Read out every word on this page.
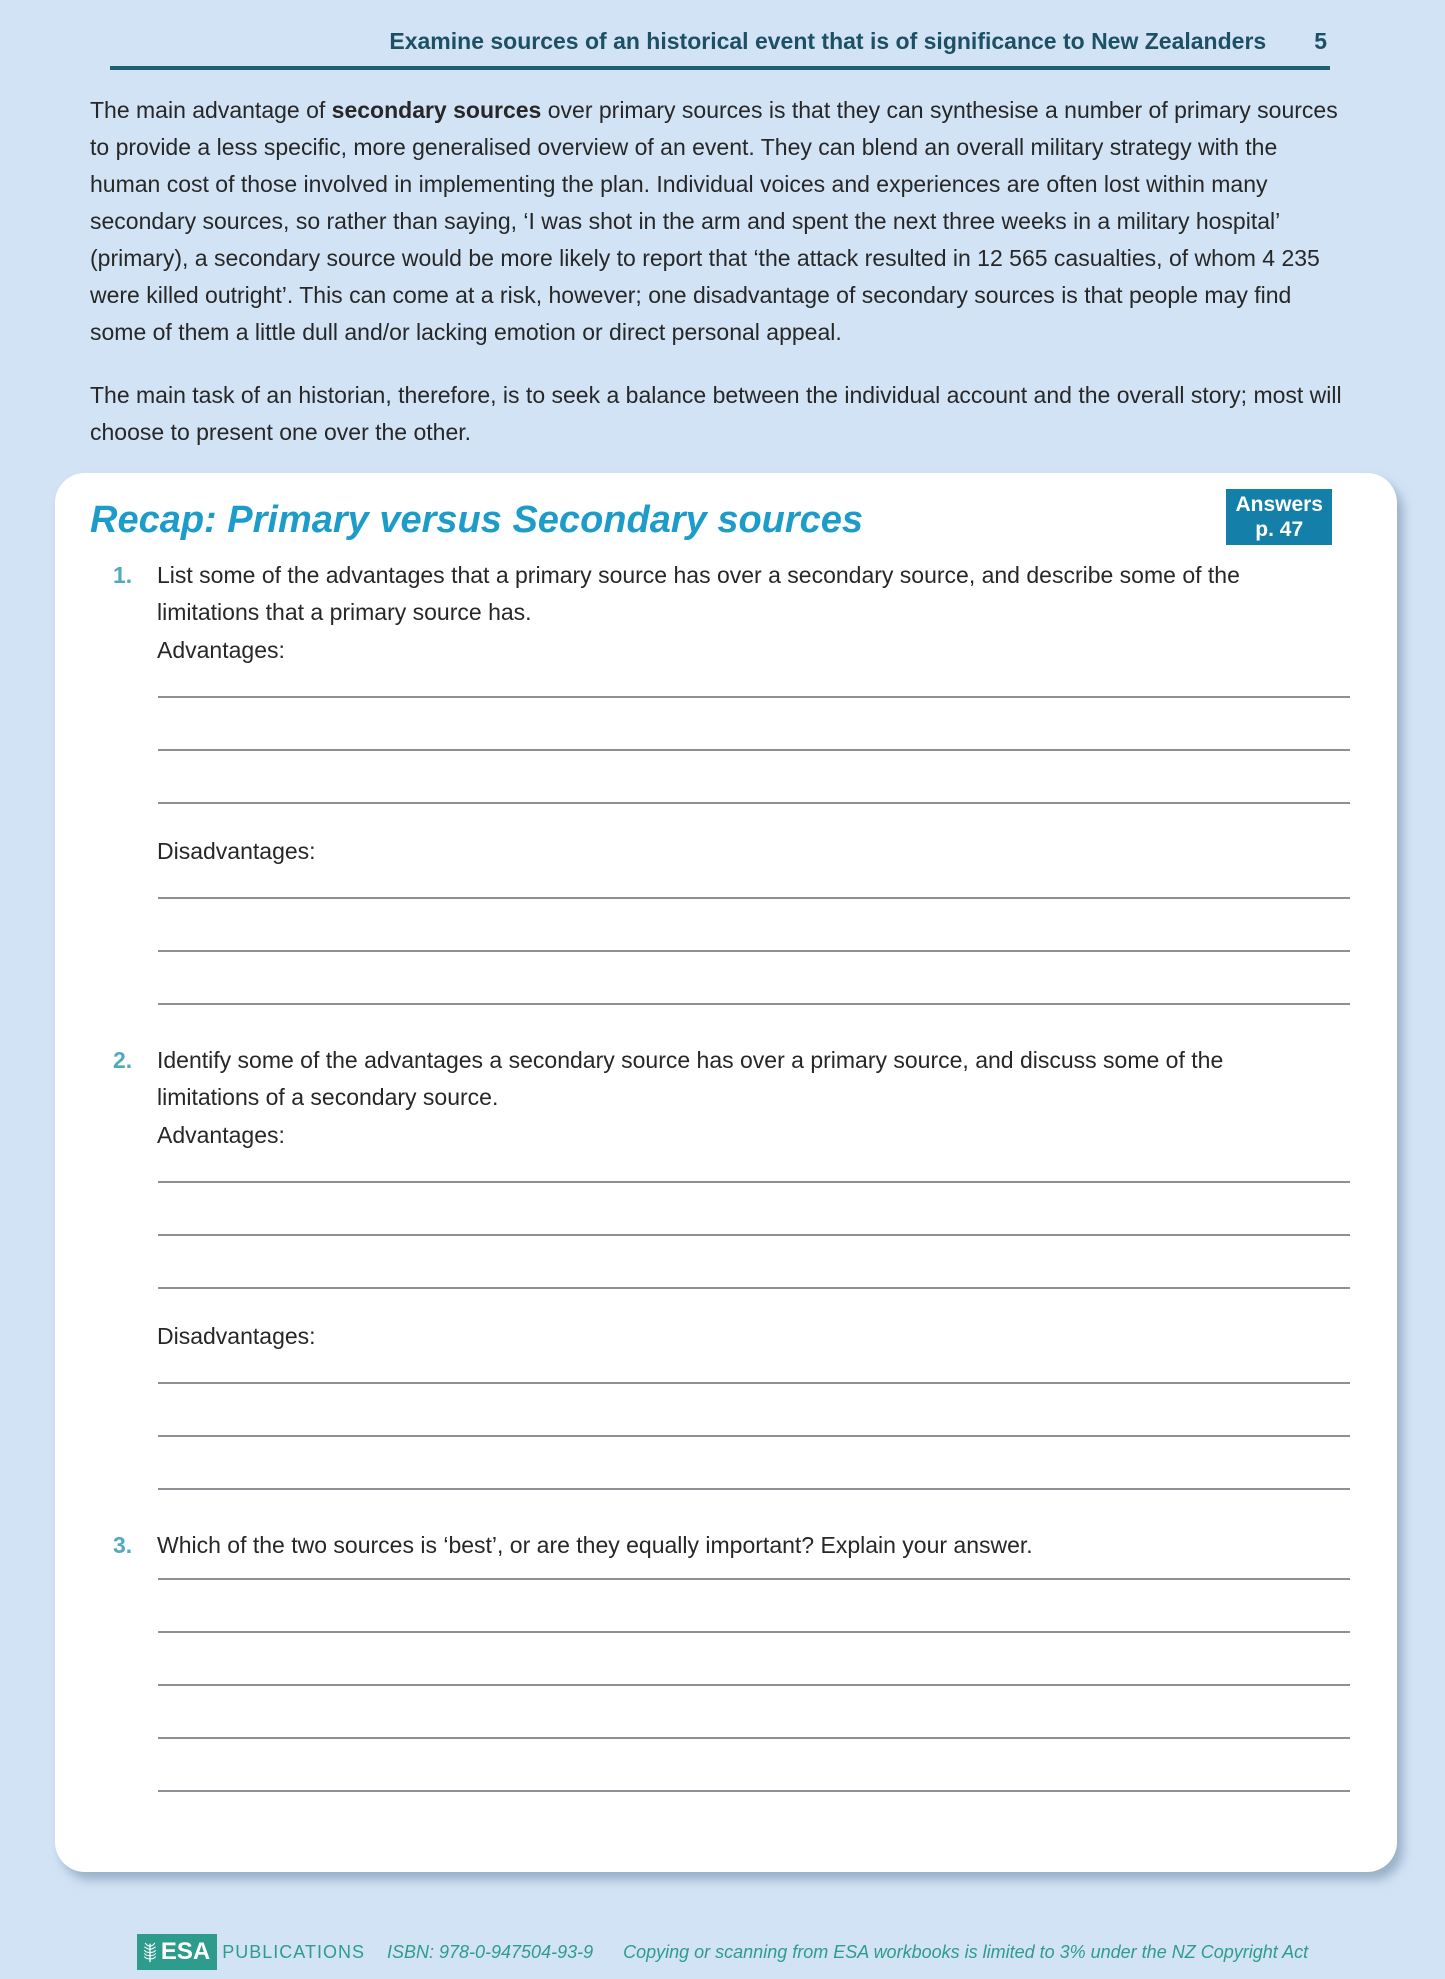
Examine sources of an historical event that is of significance to New Zealanders 5

The main advantage of secondary sources over primary sources is that they can synthesise a number of primary sources to provide a less specific, more generalised overview of an event. They can blend an overall military strategy with the human cost of those involved in implementing the plan. Individual voices and experiences are often lost within many secondary sources, so rather than saying, ‘I was shot in the arm and spent the next three weeks in a military hospital’ (primary), a secondary source would be more likely to report that ‘the attack resulted in 12 565 casualties, of whom 4 235 were killed outright’. This can come at a risk, however; one disadvantage of secondary sources is that people may find some of them a little dull and/or lacking emotion or direct personal appeal.

The main task of an historian, therefore, is to seek a balance between the individual account and the overall story; most will choose to present one over the other.

Recap: Primary versus Secondary sources	Answers
p. 47
1.	List some of the advantages that a primary source has over a secondary source, and describe some of the limitations that a primary source has.
Advantages:
Disadvantages:
2.	Identify some of the advantages a secondary source has over a primary source, and discuss some of the limitations of a secondary source.
Advantages:
Disadvantages:
3.	Which of the two sources is ‘best’, or are they equally important? Explain your answer.
ESA PUBLICATIONS ISBN: 978-0-947504-93-9 Copying or scanning from ESA workbooks is limited to 3% under the NZ Copyright Act
